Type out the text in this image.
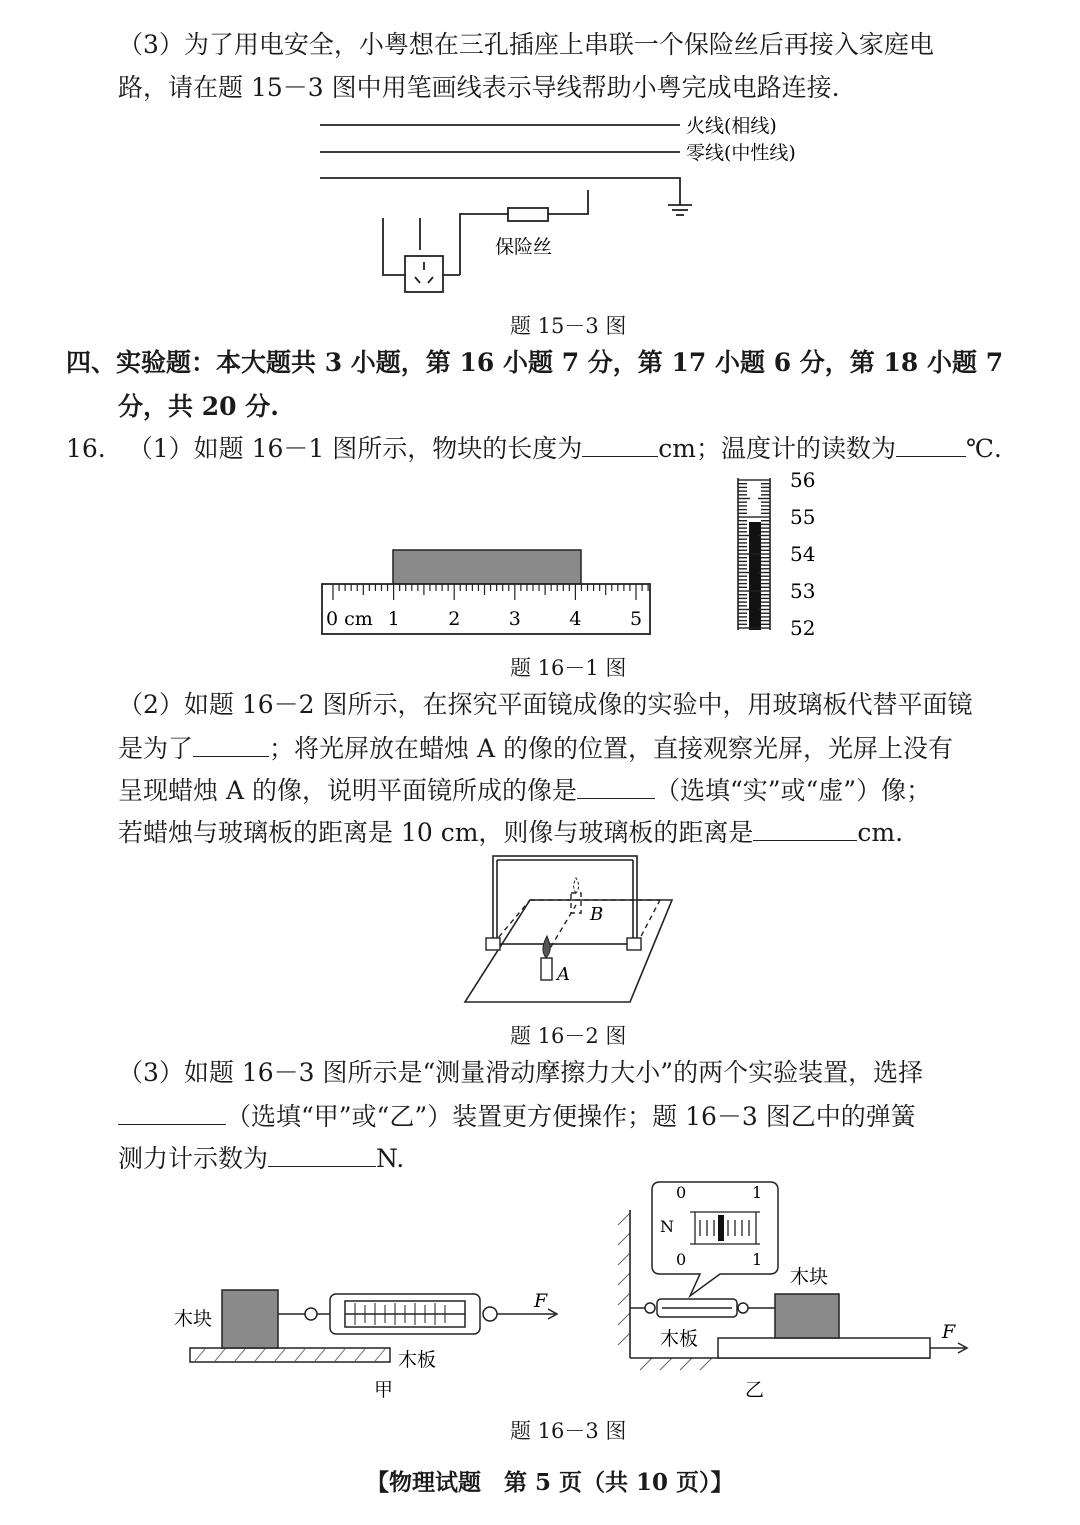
（3）为了用电安全，小粤想在三孔插座上串联一个保险丝后再接入家庭电
路，请在题 15－3 图中用笔画线表示导线帮助小粤完成电路连接.
火线(相线)
零线(中性线)
保险丝
题 15－3 图
四、实验题：本大题共 3 小题，第 16 小题 7 分，第 17 小题 6 分，第 18 小题 7
分，共 20 分.
16. （1）如题 16－1 图所示，物块的长度为	cm；温度计的读数为	℃.
0 cm 1	2	3	4	5
56
55
54
53
52
题 16－1 图
（2）如题 16－2 图所示，在探究平面镜成像的实验中，用玻璃板代替平面镜
是为了	；将光屏放在蜡烛 A 的像的位置，直接观察光屏，光屏上没有
呈现蜡烛 A 的像，说明平面镜所成的像是	（选填“实”或“虚”）像；
若蜡烛与玻璃板的距离是 10 cm，则像与玻璃板的距离是	cm.
A
B
题 16－2 图
（3）如题 16－3 图所示是“测量滑动摩擦力大小”的两个实验装置，选择
（选填“甲”或“乙”）装置更方便操作；题 16－3 图乙中的弹簧
测力计示数为	N.
木块
木板
F
甲
0
0
1
1
N
木块
木板	F
乙
题 16－3 图
【物理试题　第 5 页（共 10 页）】
